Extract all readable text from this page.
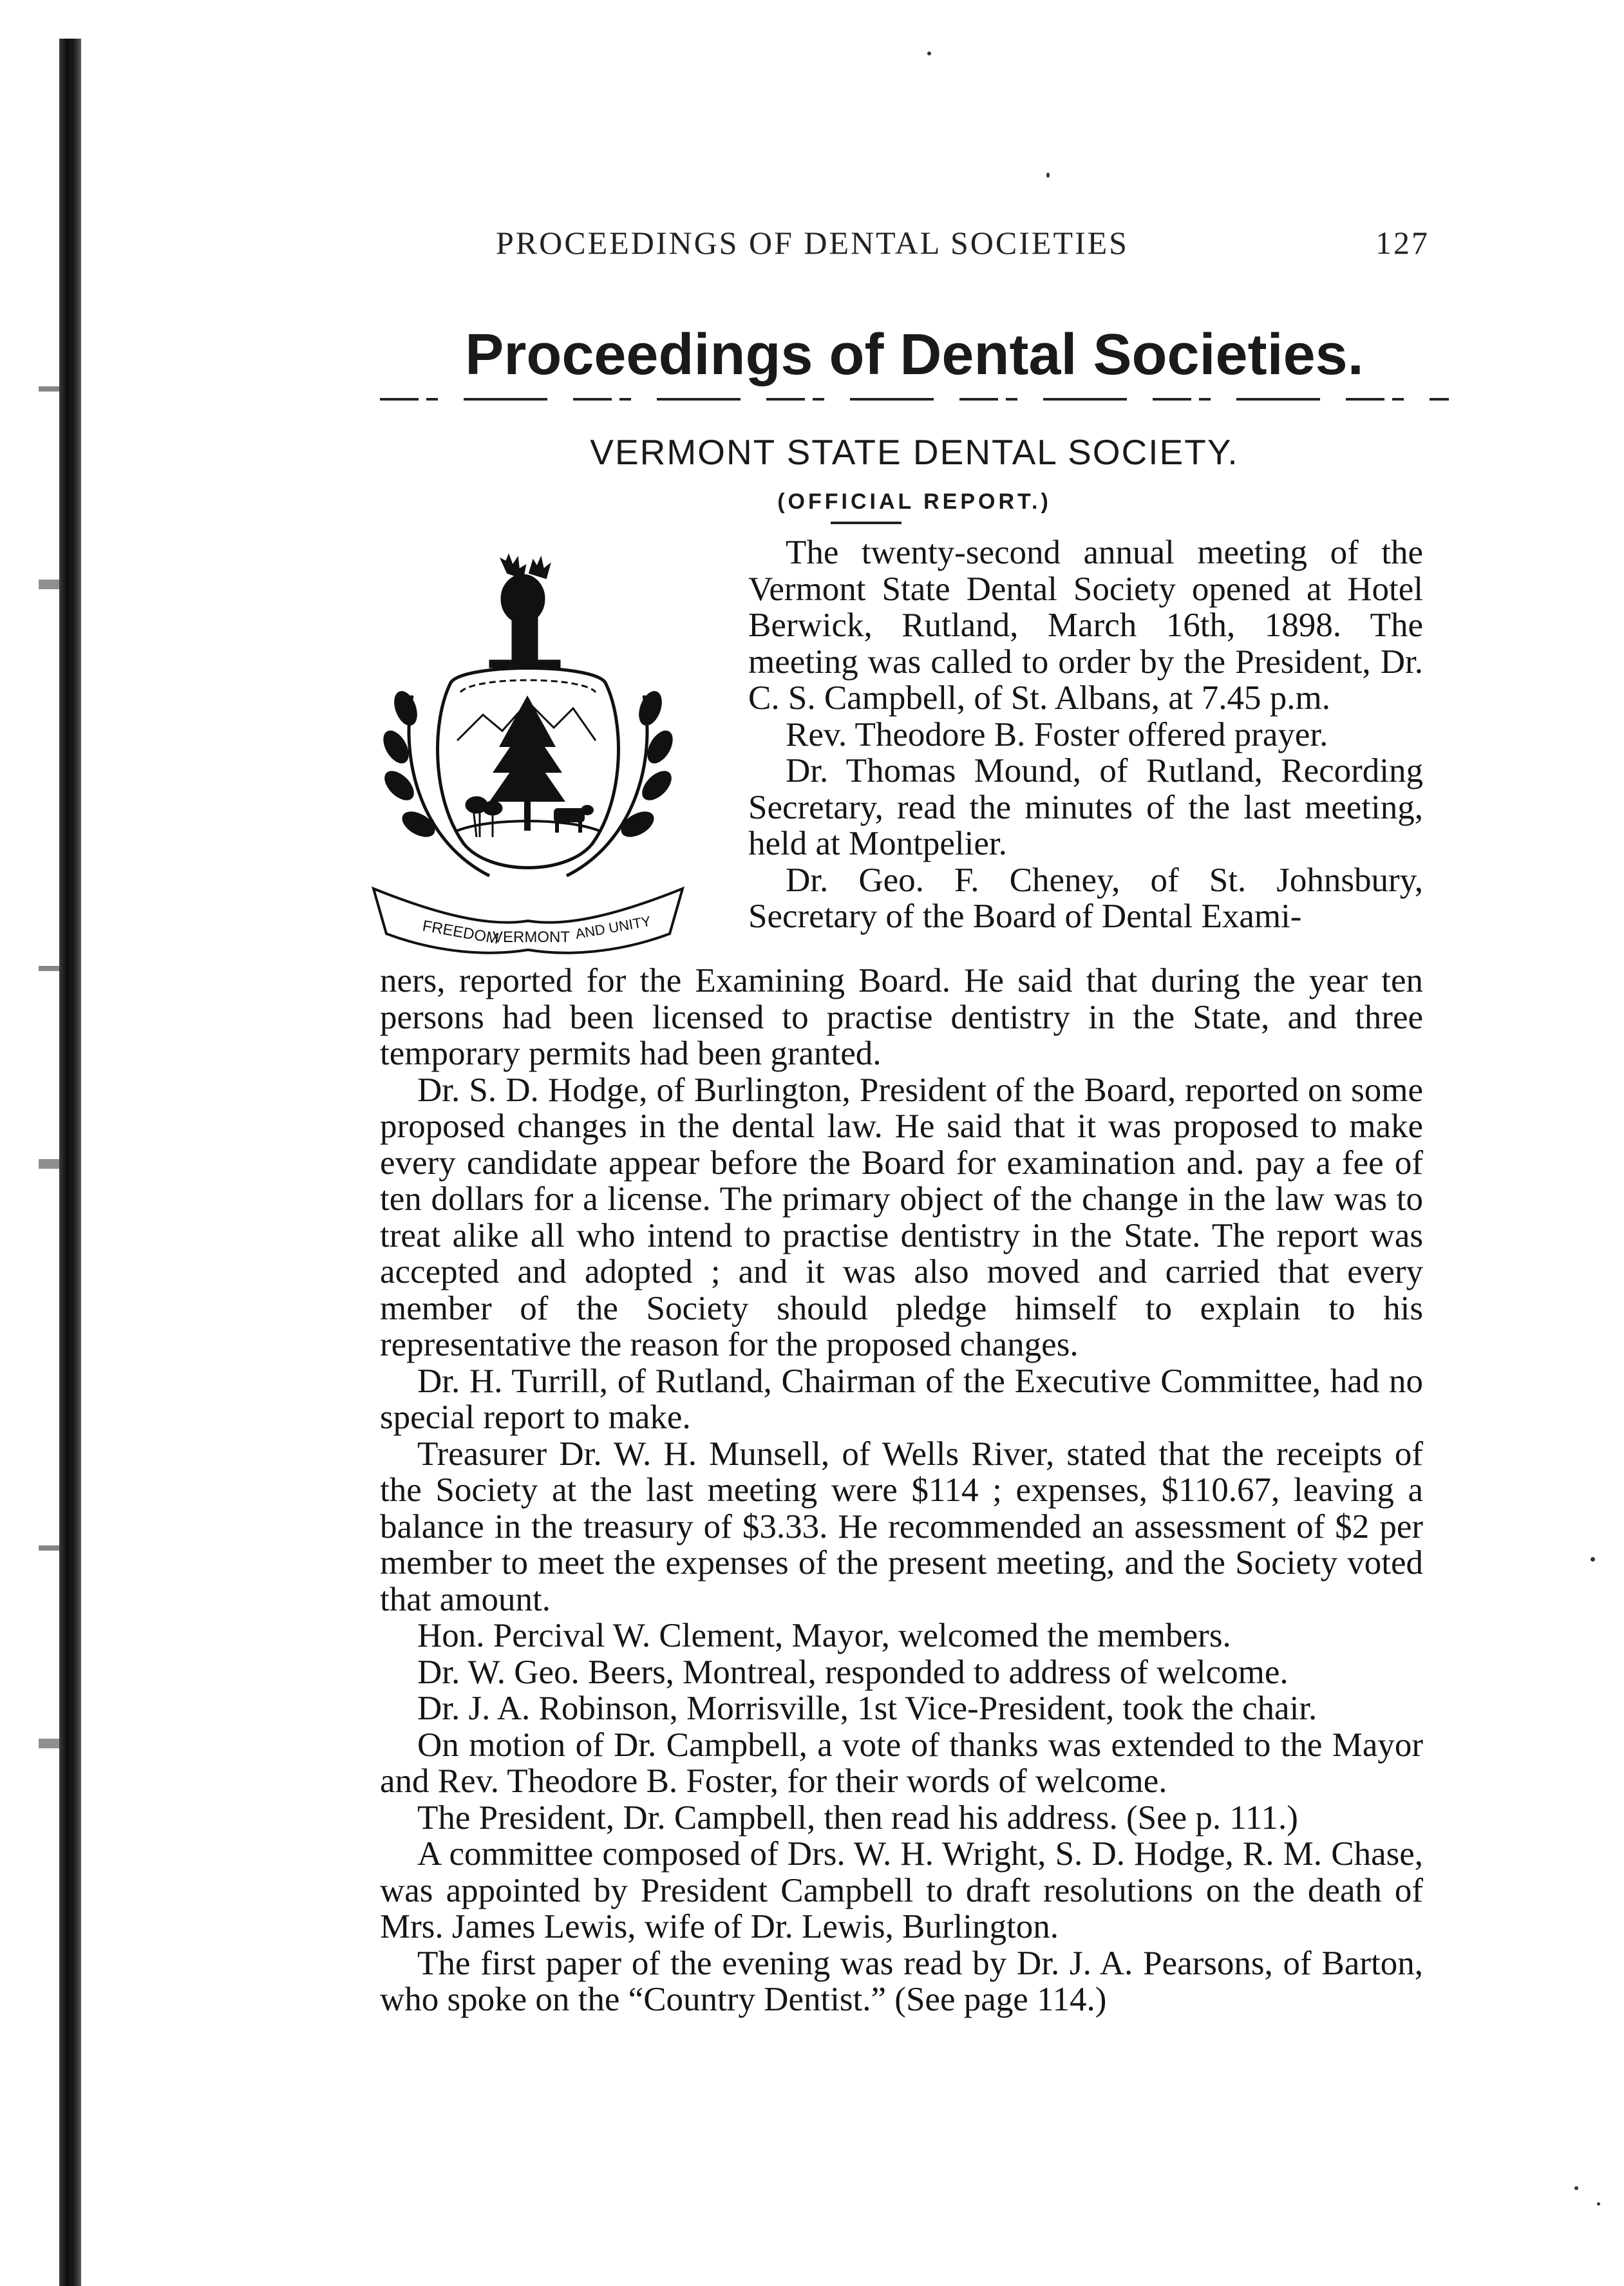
PROCEEDINGS OF DENTAL SOCIETIES	127
Proceedings of Dental Societies.
VERMONT STATE DENTAL SOCIETY.
(OFFICIAL REPORT.)
FREEDOM
VERMONT AND UNITY

The twenty-second annual meeting of the Vermont State Dental Society opened at Hotel Berwick, Rutland, March 16th, 1898. The meeting was called to order by the President, Dr. C. S. Campbell, of St. Albans, at 7.45 p.m.

Rev. Theodore B. Foster offered prayer.

Dr. Thomas Mound, of Rutland, Recording Secretary, read the minutes of the last meeting, held at Montpelier.

Dr. Geo. F. Cheney, of St. Johnsbury, Secretary of the Board of Dental Exami-

ners, reported for the Examining Board. He said that during the year ten persons had been licensed to practise dentistry in the State, and three temporary permits had been granted.

Dr. S. D. Hodge, of Burlington, President of the Board, reported on some proposed changes in the dental law. He said that it was proposed to make every candidate appear before the Board for examination and. pay a fee of ten dollars for a license. The primary object of the change in the law was to treat alike all who intend to practise dentistry in the State. The report was accepted and adopted ; and it was also moved and carried that every member of the Society should pledge himself to explain to his representative the reason for the proposed changes.

Dr. H. Turrill, of Rutland, Chairman of the Executive Committee, had no special report to make.

Treasurer Dr. W. H. Munsell, of Wells River, stated that the receipts of the Society at the last meeting were $114 ; expenses, $110.67, leaving a balance in the treasury of $3.33. He recommended an assessment of $2 per member to meet the expenses of the present meeting, and the Society voted that amount.

Hon. Percival W. Clement, Mayor, welcomed the members.

Dr. W. Geo. Beers, Montreal, responded to address of welcome.

Dr. J. A. Robinson, Morrisville, 1st Vice-President, took the chair.

On motion of Dr. Campbell, a vote of thanks was extended to the Mayor and Rev. Theodore B. Foster, for their words of welcome.

The President, Dr. Campbell, then read his address. (See p. 111.)

A committee composed of Drs. W. H. Wright, S. D. Hodge, R. M. Chase, was appointed by President Campbell to draft resolutions on the death of Mrs. James Lewis, wife of Dr. Lewis, Burlington.

The first paper of the evening was read by Dr. J. A. Pearsons, of Barton, who spoke on the “Country Dentist.” (See page 114.)
